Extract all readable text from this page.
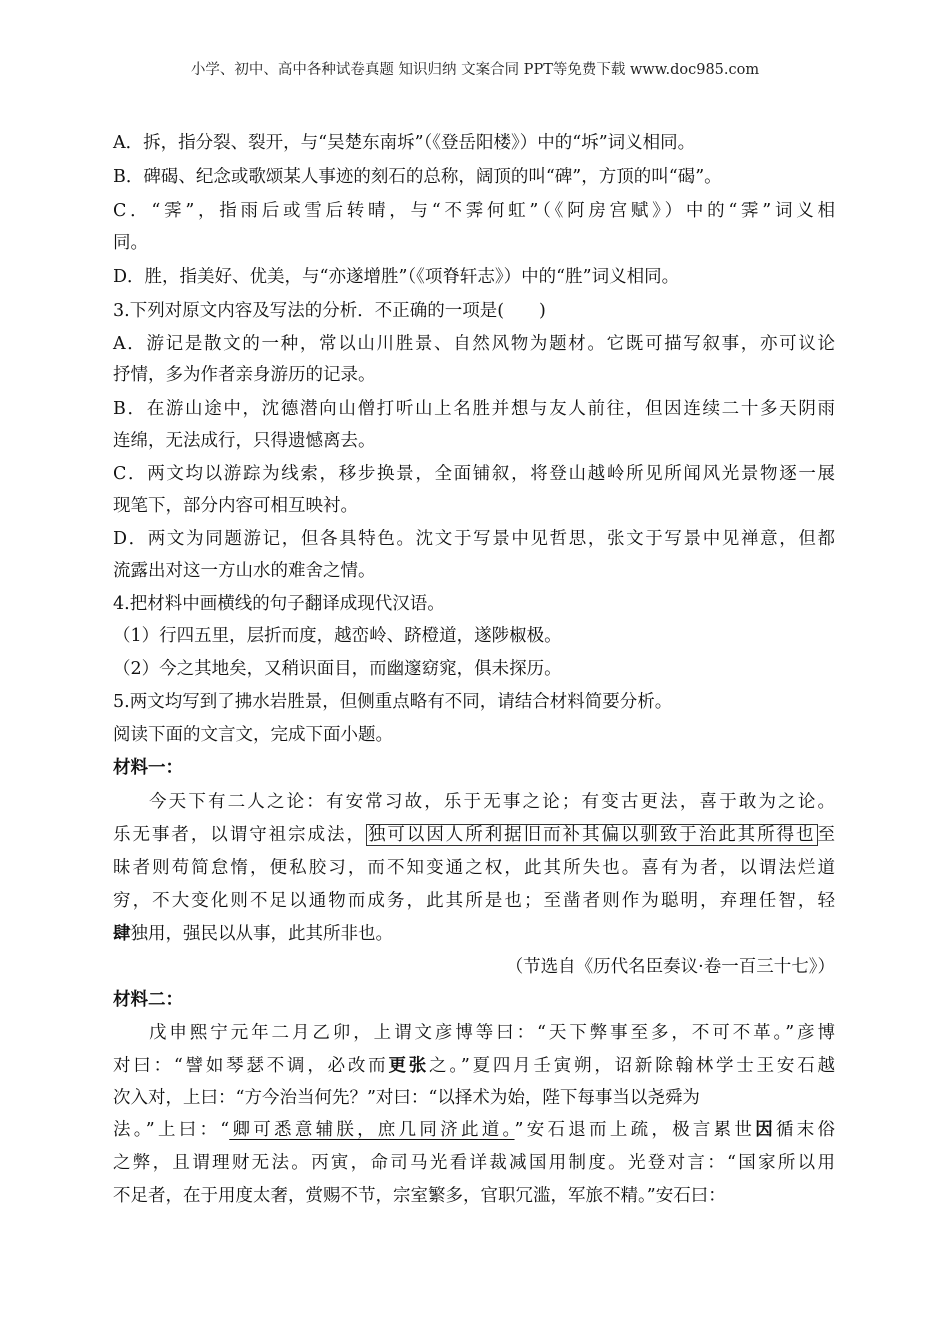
小学、初中、高中各种试卷真题 知识归纳 文案合同 PPT等免费下载 www.doc985.com
A．拆，指分裂、裂开，与“吴楚东南坼”（《登岳阳楼》）中的“坼”词义相同。
B．碑碣、纪念或歌颂某人事迹的刻石的总称，阔顶的叫“碑”，方顶的叫“碣”。
C．“霁”，指雨后或雪后转晴，与“不霁何虹”（《阿房宫赋》）中的“霁”词义相
同。
D．胜，指美好、优美，与“亦遂增胜”（《项脊轩志》）中的“胜”词义相同。
3.下列对原文内容及写法的分析．不正确的一项是(　　)
A．游记是散文的一种，常以山川胜景、自然风物为题材。它既可描写叙事，亦可议论
抒情，多为作者亲身游历的记录。
B．在游山途中，沈德潜向山僧打听山上名胜并想与友人前往，但因连续二十多天阴雨
连绵，无法成行，只得遗憾离去。
C．两文均以游踪为线索，移步换景，全面铺叙，将登山越岭所见所闻风光景物逐一展
现笔下，部分内容可相互映衬。
D．两文为同题游记，但各具特色。沈文于写景中见哲思，张文于写景中见禅意，但都
流露出对这一方山水的难舍之情。
4.把材料中画横线的句子翻译成现代汉语。
（1）行四五里，层折而度，越峦岭、跻橙道，遂陟椒极。
（2）今之其地矣，又稍识面目，而幽邃窈窕，俱未探历。
5.两文均写到了拂水岩胜景，但侧重点略有不同，请结合材料简要分析。
阅读下面的文言文，完成下面小题。
材料一：
今天下有二人之论：有安常习故，乐于无事之论；有变古更法，喜于敢为之论。
乐无事者，以谓守祖宗成法， 独可以因人所利据旧而补其偏以驯致于治此其所得也 至
昧者则苟简怠惰，便私胶习，而不知变通之权，此其所失也。喜有为者，以谓法烂道
穷，不大变化则不足以通物而成务，此其所是也；至凿者则作为聪明，弃理任智，轻
肆独用，强民以从事，此其所非也。
（节选自《历代名臣奏议·卷一百三十七》）
材料二：
戊申熙宁元年二月乙卯，上谓文彦博等曰：“天下弊事至多，不可不革。”彦博
对曰：“譬如琴瑟不调，必改而更张之。”夏四月壬寅朔，诏新除翰林学士王安石越
次入对，上曰：“方今治当何先？”对曰：“以择术为始，陛下每事当以尧舜为
法。”上曰：“卿可悉意辅朕，庶几同济此道。”安石退而上疏，极言累世因循末俗
之弊，且谓理财无法。丙寅，命司马光看详裁减国用制度。光登对言：“国家所以用
不足者，在于用度太奢，赏赐不节，宗室繁多，官职冗滥，军旅不精。”安石曰：
